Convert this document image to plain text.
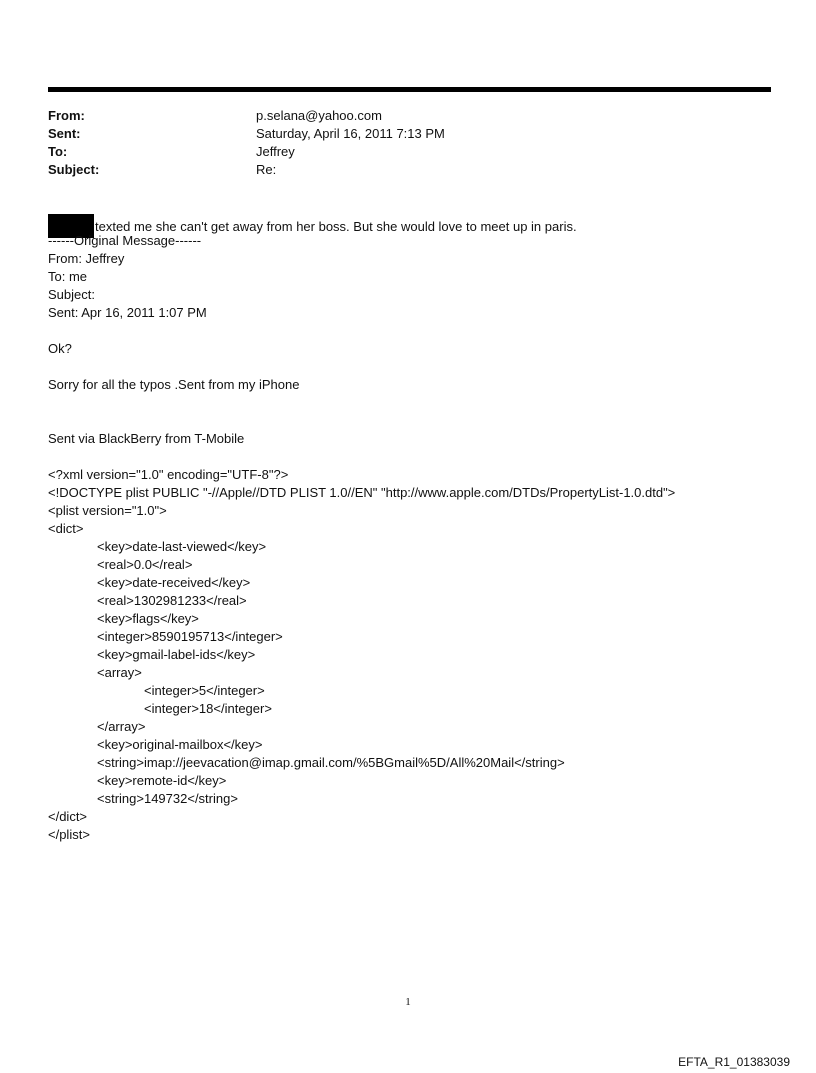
From:	p.selana@yahoo.com
Sent:	Saturday, April 16, 2011 7:13 PM
To:	Jeffrey
Subject:	Re:
texted me she can't get away from her boss. But she would love to meet up in paris.
------Original Message------
From: Jeffrey
To: me
Subject:
Sent: Apr 16, 2011 1:07 PM
Ok?
Sorry for all the typos .Sent from my iPhone
Sent via BlackBerry from T-Mobile
<?xml version="1.0" encoding="UTF-8"?>
<!DOCTYPE plist PUBLIC "-//Apple//DTD PLIST 1.0//EN" "http://www.apple.com/DTDs/PropertyList-1.0.dtd">
<plist version="1.0">
<dict>
<key>date-last-viewed</key>
<real>0.0</real>
<key>date-received</key>
<real>1302981233</real>
<key>flags</key>
<integer>8590195713</integer>
<key>gmail-label-ids</key>
<array>
<integer>5</integer>
<integer>18</integer>
</array>
<key>original-mailbox</key>
<string>imap://jeevacation@imap.gmail.com/%5BGmail%5D/All%20Mail</string>
<key>remote-id</key>
<string>149732</string>
</dict>
</plist>
1
EFTA_R1_01383039
